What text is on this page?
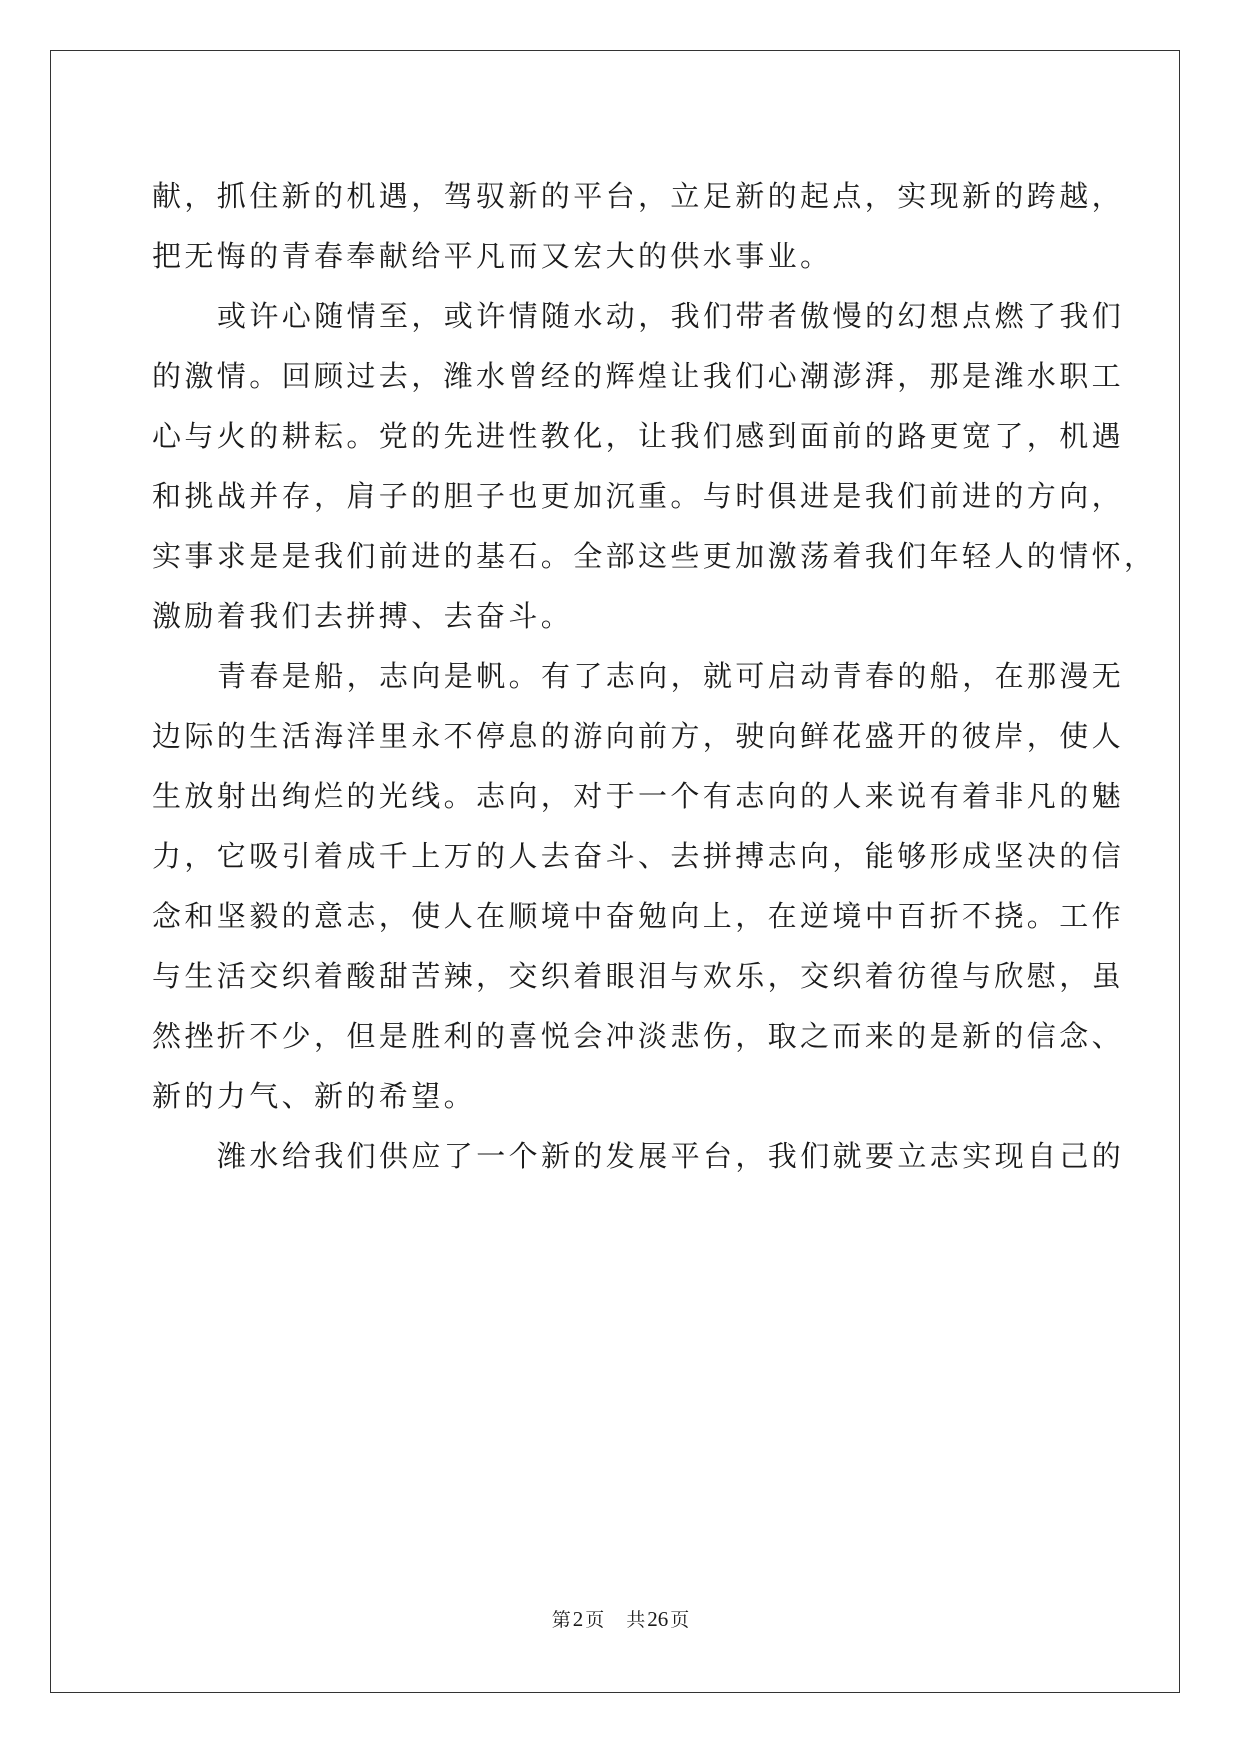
献，抓住新的机遇，驾驭新的平台，立足新的起点，实现新的跨越，
把无悔的青春奉献给平凡而又宏大的供水事业。
或许心随情至，或许情随水动，我们带者傲慢的幻想点燃了我们
的激情。回顾过去，潍水曾经的辉煌让我们心潮澎湃，那是潍水职工
心与火的耕耘。党的先进性教化，让我们感到面前的路更宽了，机遇
和挑战并存，肩子的胆子也更加沉重。与时俱进是我们前进的方向，
实事求是是我们前进的基石。全部这些更加激荡着我们年轻人的情怀，
激励着我们去拼搏、去奋斗。
青春是船，志向是帆。有了志向，就可启动青春的船，在那漫无
边际的生活海洋里永不停息的游向前方，驶向鲜花盛开的彼岸，使人
生放射出绚烂的光线。志向，对于一个有志向的人来说有着非凡的魅
力，它吸引着成千上万的人去奋斗、去拼搏志向，能够形成坚决的信
念和坚毅的意志，使人在顺境中奋勉向上，在逆境中百折不挠。工作
与生活交织着酸甜苦辣，交织着眼泪与欢乐，交织着彷徨与欣慰，虽
然挫折不少，但是胜利的喜悦会冲淡悲伤，取之而来的是新的信念、
新的力气、新的希望。
潍水给我们供应了一个新的发展平台，我们就要立志实现自己的
第2 页 共26 页
